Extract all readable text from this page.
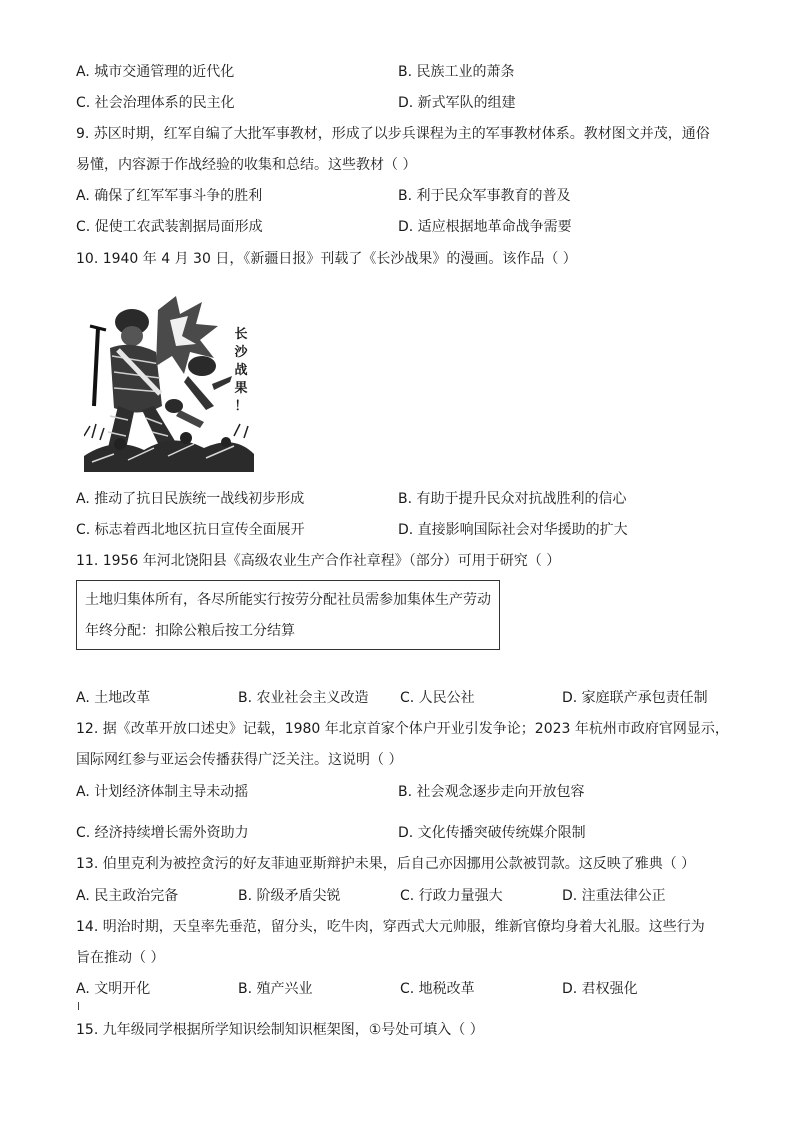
A. 城市交通管理的近代化	B. 民族工业的萧条
C. 社会治理体系的民主化	D. 新式军队的组建
9. 苏区时期，红军自编了大批军事教材，形成了以步兵课程为主的军事教材体系。教材图文并茂，通俗
易懂，内容源于作战经验的收集和总结。这些教材（ ）
A. 确保了红军军事斗争的胜利	B. 利于民众军事教育的普及
C. 促使工农武装割据局面形成	D. 适应根据地革命战争需要
10. 1940 年 4 月 30 日，《新疆日报》刊载了《长沙战果》的漫画。该作品（ ）
长
沙
战
果
！
A. 推动了抗日民族统一战线初步形成	B. 有助于提升民众对抗战胜利的信心
C. 标志着西北地区抗日宣传全面展开	D. 直接影响国际社会对华援助的扩大
11. 1956 年河北饶阳县《高级农业生产合作社章程》（部分）可用于研究（ ）
土地归集体所有，各尽所能实行按劳分配社员需参加集体生产劳动
年终分配：扣除公粮后按工分结算
A. 土地改革	B. 农业社会主义改造 C. 人民公社	D. 家庭联产承包责任制
12. 据《改革开放口述史》记载，1980 年北京首家个体户开业引发争论；2023 年杭州市政府官网显示，
国际网红参与亚运会传播获得广泛关注。这说明（ ）
A. 计划经济体制主导未动摇	B. 社会观念逐步走向开放包容
C. 经济持续增长需外资助力	D. 文化传播突破传统媒介限制
13. 伯里克利为被控贪污的好友菲迪亚斯辩护未果，后自己亦因挪用公款被罚款。这反映了雅典（ ）
A. 民主政治完备	B. 阶级矛盾尖锐	C. 行政力量强大	D. 注重法律公正
14. 明治时期，天皇率先垂范，留分头，吃牛肉，穿西式大元帅服，维新官僚均身着大礼服。这些行为
旨在推动（ ）
A. 文明开化	B. 殖产兴业	C. 地税改革	D. 君权强化
15. 九年级同学根据所学知识绘制知识框架图，①号处可填入（ ）
